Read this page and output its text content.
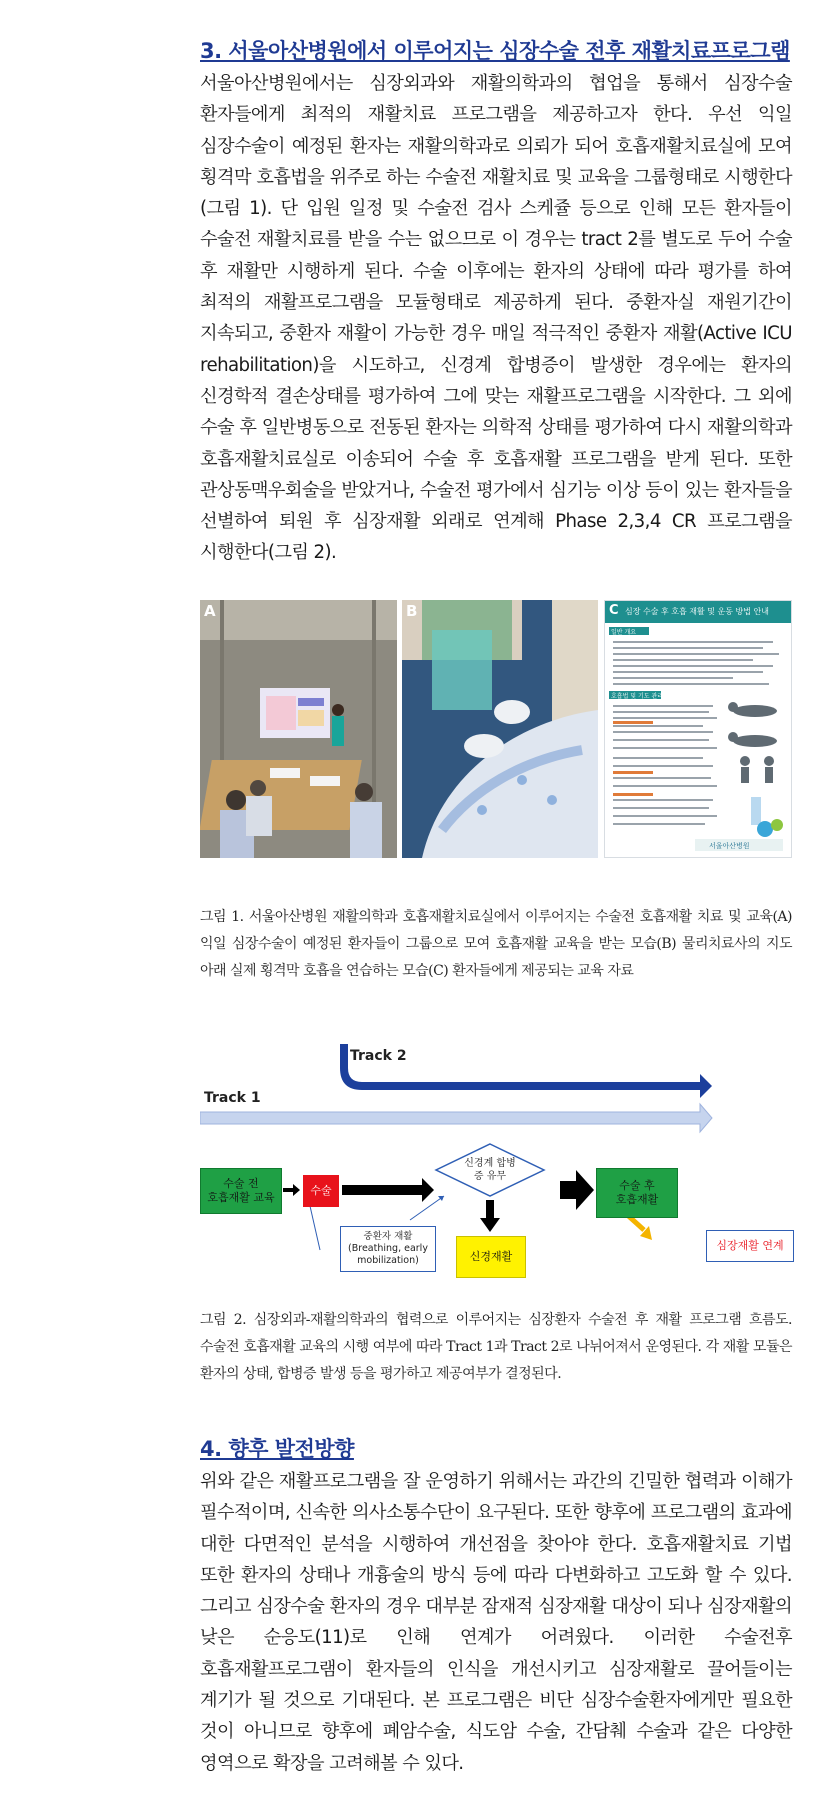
3. 서울아산병원에서 이루어지는 심장수술 전후 재활치료프로그램

서울아산병원에서는 심장외과와 재활의학과의 협업을 통해서 심장수술 환자들에게 최적의 재활치료 프로그램을 제공하고자 한다. 우선 익일 심장수술이 예정된 환자는 재활의학과로 의뢰가 되어 호흡재활치료실에 모여 횡격막 호흡법을 위주로 하는 수술전 재활치료 및 교육을 그룹형태로 시행한다(그림 1). 단 입원 일정 및 수술전 검사 스케쥴 등으로 인해 모든 환자들이 수술전 재활치료를 받을 수는 없으므로 이 경우는 tract 2를 별도로 두어 수술 후 재활만 시행하게 된다. 수술 이후에는 환자의 상태에 따라 평가를 하여 최적의 재활프로그램을 모듈형태로 제공하게 된다. 중환자실 재원기간이 지속되고, 중환자 재활이 가능한 경우 매일 적극적인 중환자 재활(Active ICU rehabilitation)을 시도하고, 신경계 합병증이 발생한 경우에는 환자의 신경학적 결손상태를 평가하여 그에 맞는 재활프로그램을 시작한다. 그 외에 수술 후 일반병동으로 전동된 환자는 의학적 상태를 평가하여 다시 재활의학과 호흡재활치료실로 이송되어 수술 후 호흡재활 프로그램을 받게 된다. 또한 관상동맥우회술을 받았거나, 수술전 평가에서 심기능 이상 등이 있는 환자들을 선별하여 퇴원 후 심장재활 외래로 연계해 Phase 2,3,4 CR 프로그램을 시행한다(그림 2).

A	B	C 심장 수술 후 호흡 재활 및 운동 방법 안내
일반 개요
호흡법 및 기도 관리
서울아산병원

그림 1. 서울아산병원 재활의학과 호흡재활치료실에서 이루어지는 수술전 호흡재활 치료 및 교육(A) 익일 심장수술이 예정된 환자들이 그룹으로 모여 호흡재활 교육을 받는 모습(B) 물리치료사의 지도 아래 실제 횡격막 호흡을 연습하는 모습(C) 환자들에게 제공되는 교육 자료

Track 2
Track 1
수술 전
호흡재활 교육
수술
신경계 합병
증 유무
중환자 재활
(Breathing, early
mobilization)
수술 후
호흡재활
신경재활
심장재활 연계

그림 2. 심장외과-재활의학과의 협력으로 이루어지는 심장환자 수술전 후 재활 프로그램 흐름도. 수술전 호흡재활 교육의 시행 여부에 따라 Tract 1과 Tract 2로 나뉘어져서 운영된다. 각 재활 모듈은 환자의 상태, 합병증 발생 등을 평가하고 제공여부가 결정된다.

4. 향후 발전방향

위와 같은 재활프로그램을 잘 운영하기 위해서는 과간의 긴밀한 협력과 이해가 필수적이며, 신속한 의사소통수단이 요구된다. 또한 향후에 프로그램의 효과에 대한 다면적인 분석을 시행하여 개선점을 찾아야 한다. 호흡재활치료 기법 또한 환자의 상태나 개흉술의 방식 등에 따라 다변화하고 고도화 할 수 있다. 그리고 심장수술 환자의 경우 대부분 잠재적 심장재활 대상이 되나 심장재활의 낮은 순응도(11)로 인해 연계가 어려웠다. 이러한 수술전후 호흡재활프로그램이 환자들의 인식을 개선시키고 심장재활로 끌어들이는 계기가 될 것으로 기대된다. 본 프로그램은 비단 심장수술환자에게만 필요한 것이 아니므로 향후에 폐암수술, 식도암 수술, 간담췌 수술과 같은 다양한 영역으로 확장을 고려해볼 수 있다.
